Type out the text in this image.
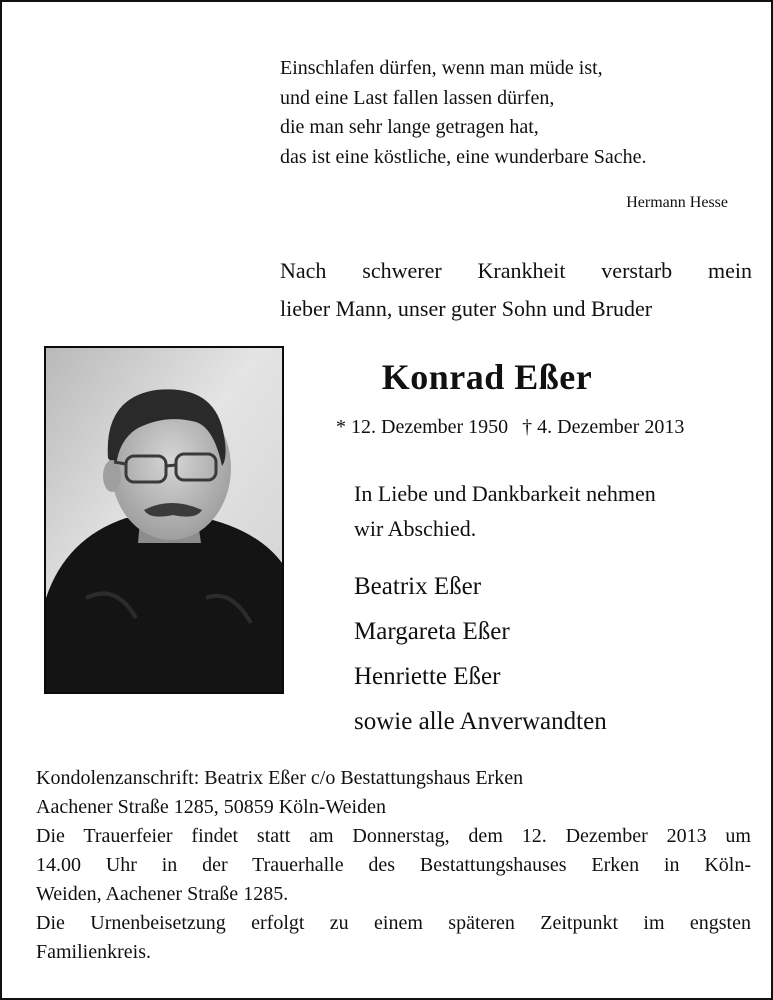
Einschlafen dürfen, wenn man müde ist,
und eine Last fallen lassen dürfen,
die man sehr lange getragen hat,
das ist eine köstliche, eine wunderbare Sache.
Hermann Hesse
Nach schwerer Krankheit verstarb mein
lieber Mann, unser guter Sohn und Bruder
Konrad Eßer
* 12. Dezember 1950 † 4. Dezember 2013
In Liebe und Dankbarkeit nehmen
wir Abschied.
Beatrix Eßer
Margareta Eßer
Henriette Eßer
sowie alle Anverwandten
Kondolenzanschrift: Beatrix Eßer c/o Bestattungshaus Erken
Aachener Straße 1285, 50859 Köln-Weiden
Die Trauerfeier findet statt am Donnerstag, dem 12. Dezember 2013 um
14.00 Uhr in der Trauerhalle des Bestattungshauses Erken in Köln-
Weiden, Aachener Straße 1285.
Die Urnenbeisetzung erfolgt zu einem späteren Zeitpunkt im engsten
Familienkreis.
